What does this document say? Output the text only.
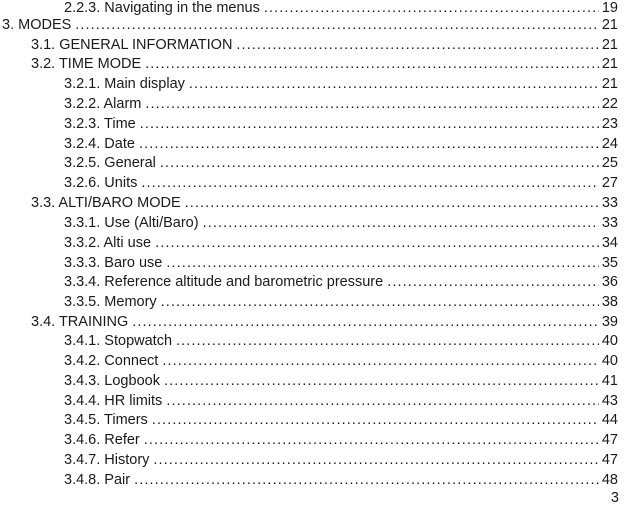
2.2.3. Navigating in the menus .....	19
3. MODES .....	21
3.1. GENERAL INFORMATION .....	21
3.2. TIME MODE .....	21
3.2.1. Main display .....	21
3.2.2. Alarm .....	22
3.2.3. Time .....	23
3.2.4. Date .....	24
3.2.5. General .....	25
3.2.6. Units .....	27
3.3. ALTI/BARO MODE .....	33
3.3.1. Use (Alti/Baro) .....	33
3.3.2. Alti use .....	34
3.3.3. Baro use .....	35
3.3.4. Reference altitude and barometric pressure .....	36
3.3.5. Memory .....	38
3.4. TRAINING .....	39
3.4.1. Stopwatch .....	40
3.4.2. Connect .....	40
3.4.3. Logbook .....	41
3.4.4. HR limits .....	43
3.4.5. Timers .....	44
3.4.6. Refer .....	47
3.4.7. History .....	47
3.4.8. Pair .....	48
3
